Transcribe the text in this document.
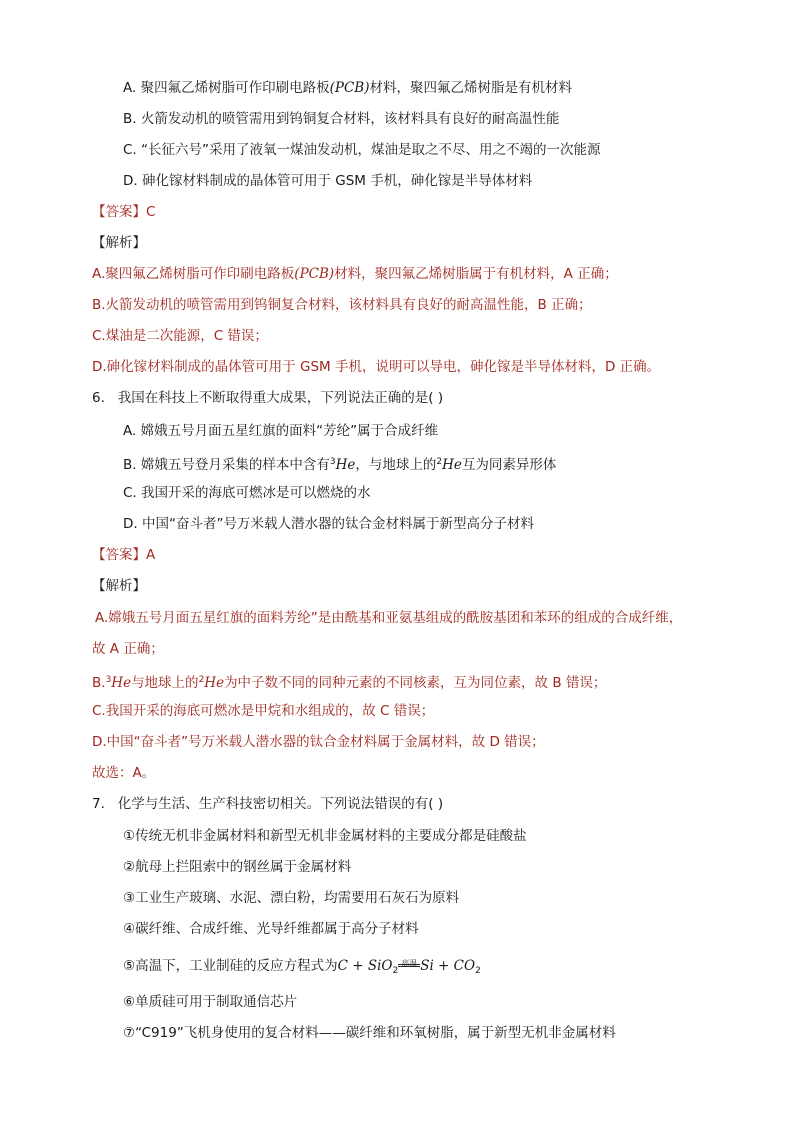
A. 聚四氟乙烯树脂可作印刷电路板(PCB)材料，聚四氟乙烯树脂是有机材料
B. 火箭发动机的喷管需用到钨铜复合材料，该材料具有良好的耐高温性能
C. “长征六号”采用了液氧一煤油发动机，煤油是取之不尽、用之不竭的一次能源
D. 砷化镓材料制成的晶体管可用于 GSM 手机，砷化镓是半导体材料
【答案】C
【解析】
A.聚四氟乙烯树脂可作印刷电路板(PCB)材料，聚四氟乙烯树脂属于有机材料，A 正确；
B.火箭发动机的喷管需用到钨铜复合材料，该材料具有良好的耐高温性能，B 正确；
C.煤油是二次能源，C 错误；
D.砷化镓材料制成的晶体管可用于 GSM 手机，说明可以导电，砷化镓是半导体材料，D 正确。
6. 我国在科技上不断取得重大成果，下列说法正确的是( )
A. 嫦娥五号月面五星红旗的面料“芳纶”属于合成纤维
B. 嫦娥五号登月采集的样本中含有$^3$He，与地球上的$^2$He互为同素异形体
C. 我国开采的海底可燃冰是可以燃烧的水
D. 中国“奋斗者”号万米载人潜水器的钛合金材料属于新型高分子材料
【答案】A
【解析】
A.嫦娥五号月面五星红旗的面料芳纶”是由酰基和亚氨基组成的酰胺基团和苯环的组成的合成纤维，
故 A 正确；
B.$^3$He与地球上的$^2$He为中子数不同的同种元素的不同核素，互为同位素，故 B 错误；
C.我国开采的海底可燃冰是甲烷和水组成的，故 C 错误；
D.中国“奋斗者”号万米载人潜水器的钛合金材料属于金属材料，故 D 错误；
故选：A。
7. 化学与生活、生产科技密切相关。下列说法错误的有( )
①传统无机非金属材料和新型无机非金属材料的主要成分都是硅酸盐
②航母上拦阻索中的钢丝属于金属材料
③工业生产玻璃、水泥、漂白粉，均需要用石灰石为原料
④碳纤维、合成纤维、光导纤维都属于高分子材料
⑤高温下，工业制硅的反应方程式为C + SiO$_2$高温 $Si + CO_2$
⑥单质硅可用于制取通信芯片
⑦“C919”飞机身使用的复合材料——碳纤维和环氧树脂，属于新型无机非金属材料
